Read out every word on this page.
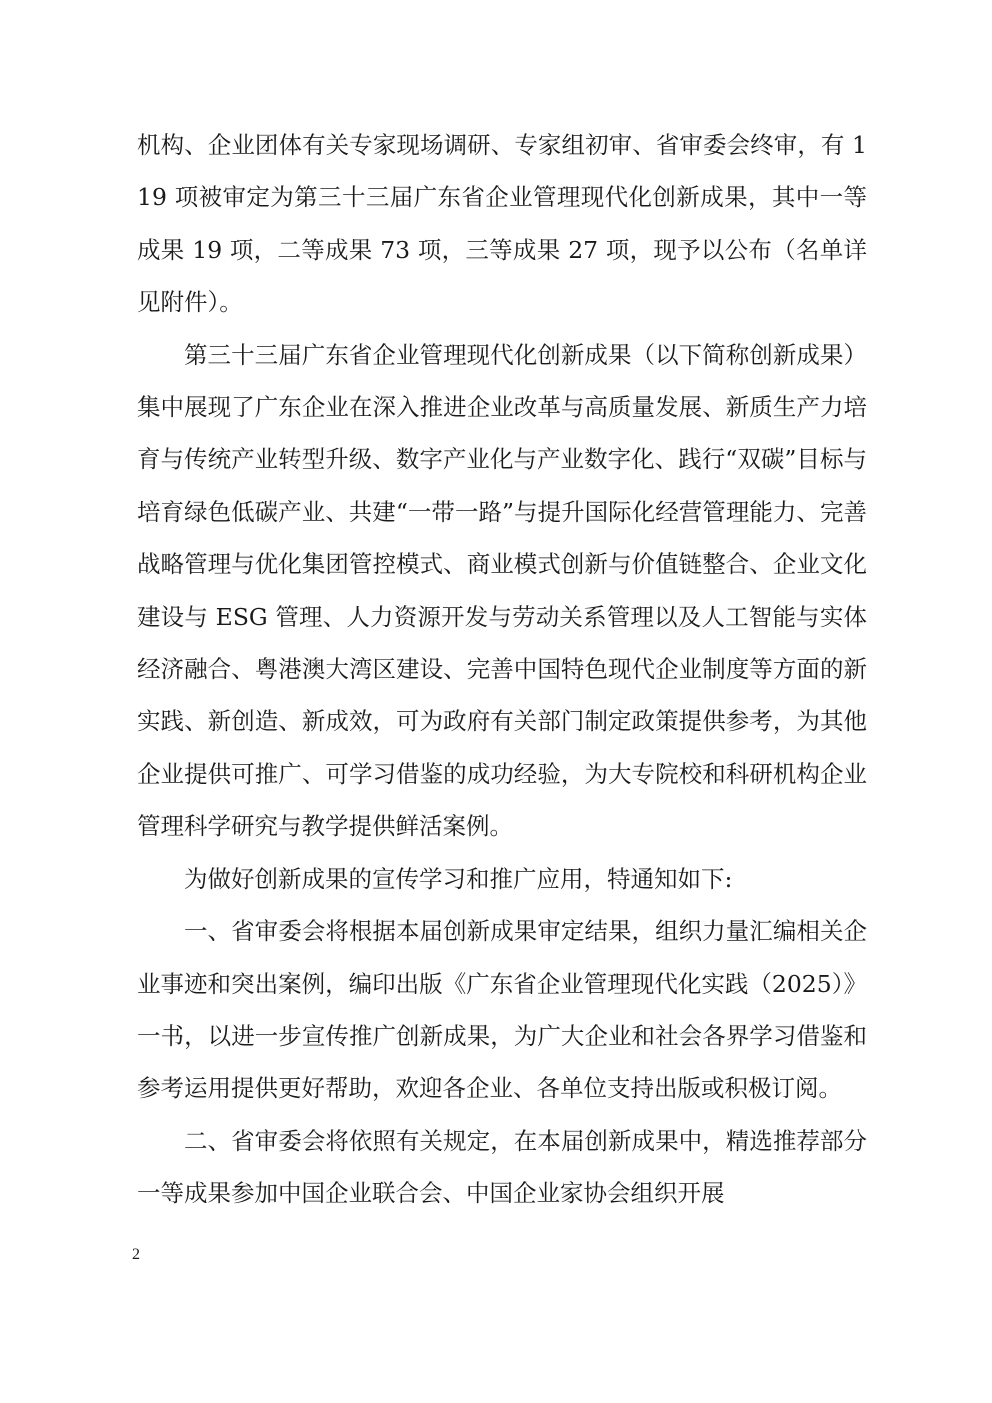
机构、企业团体有关专家现场调研、专家组初审、省审委会终审，有 119 项被审定为第三十三届广东省企业管理现代化创新成果，其中一等成果 19 项，二等成果 73 项，三等成果 27 项，现予以公布（名单详见附件）。

第三十三届广东省企业管理现代化创新成果（以下简称创新成果）集中展现了广东企业在深入推进企业改革与高质量发展、新质生产力培育与传统产业转型升级、数字产业化与产业数字化、践行“双碳”目标与培育绿色低碳产业、共建“一带一路”与提升国际化经营管理能力、完善战略管理与优化集团管控模式、商业模式创新与价值链整合、企业文化建设与 ESG 管理、人力资源开发与劳动关系管理以及人工智能与实体经济融合、粤港澳大湾区建设、完善中国特色现代企业制度等方面的新实践、新创造、新成效，可为政府有关部门制定政策提供参考，为其他企业提供可推广、可学习借鉴的成功经验，为大专院校和科研机构企业管理科学研究与教学提供鲜活案例。

为做好创新成果的宣传学习和推广应用，特通知如下:

一、省审委会将根据本届创新成果审定结果，组织力量汇编相关企业事迹和突出案例，编印出版《广东省企业管理现代化实践（2025）》一书，以进一步宣传推广创新成果，为广大企业和社会各界学习借鉴和参考运用提供更好帮助，欢迎各企业、各单位支持出版或积极订阅。

二、省审委会将依照有关规定，在本届创新成果中，精选推荐部分一等成果参加中国企业联合会、中国企业家协会组织开展

2
